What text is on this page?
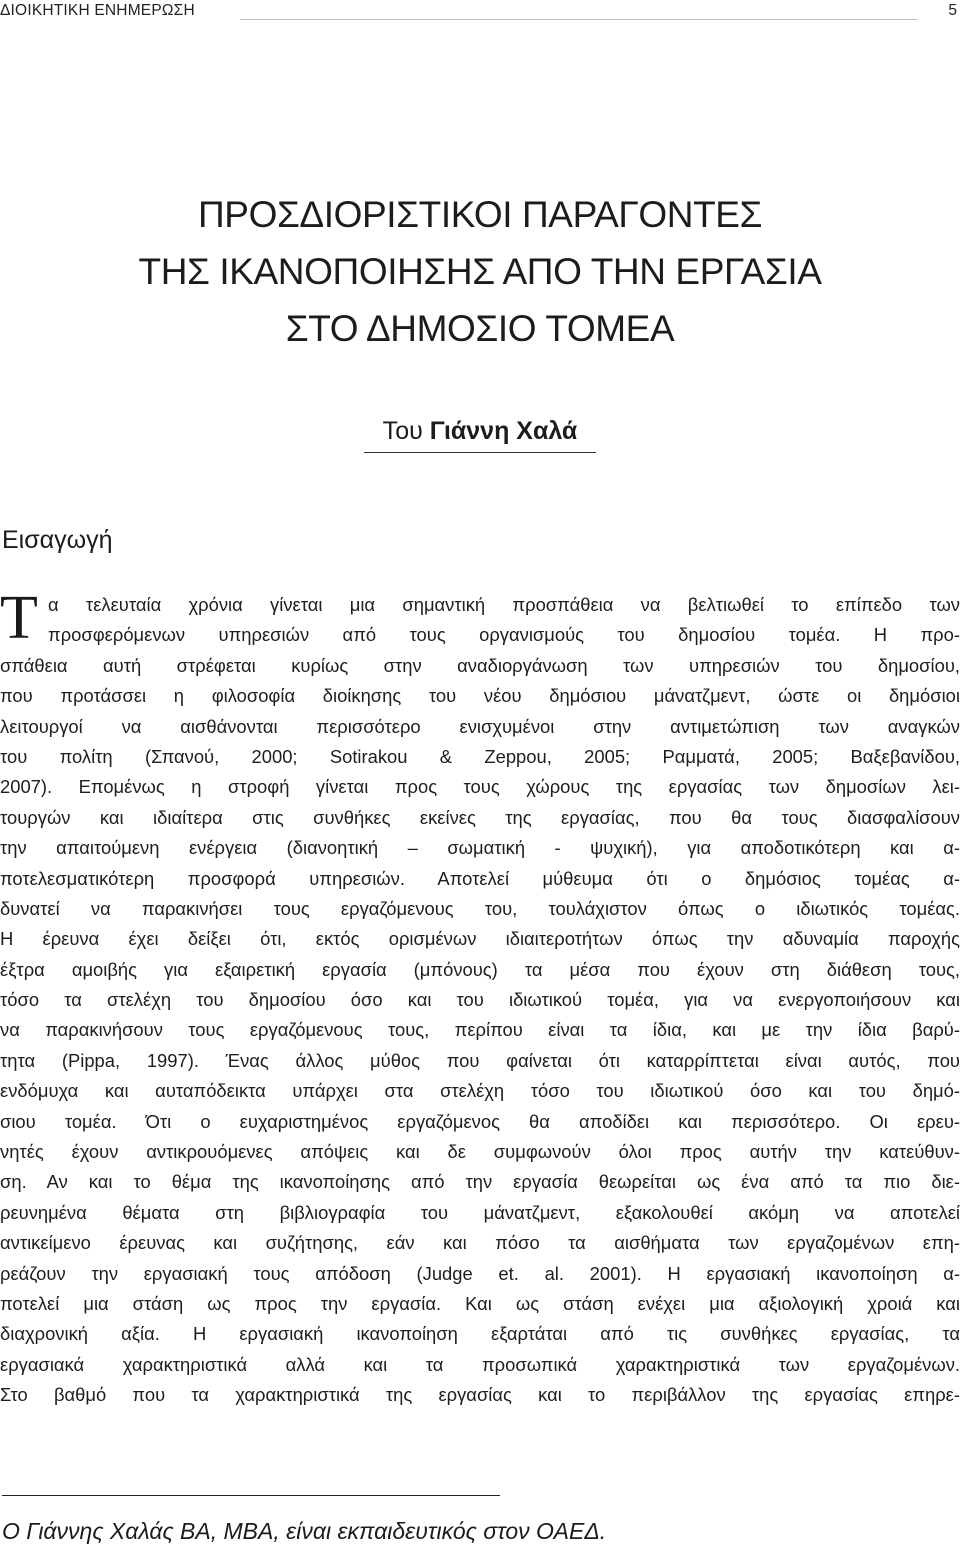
ΔΙΟΙΚΗΤΙΚΗ ΕΝΗΜΕΡΩΣΗ	5
ΠΡΟΣΔΙΟΡΙΣΤΙΚΟΙ ΠΑΡΑΓΟΝΤΕΣ
ΤΗΣ ΙΚΑΝΟΠΟΙΗΣΗΣ ΑΠΟ ΤΗΝ ΕΡΓΑΣΙΑ
ΣΤΟ ΔΗΜΟΣΙΟ ΤΟΜΕΑ
Του Γιάννη Χαλά
Εισαγωγή
Τ α τελευταία χρόνια γίνεται μια σημαντική προσπάθεια να βελτιωθεί το επίπεδο των
προσφερόμενων υπηρεσιών από τους οργανισμούς του δημοσίου τομέα. Η προ-
σπάθεια αυτή στρέφεται κυρίως στην αναδιοργάνωση των υπηρεσιών του δημοσίου,
που προτάσσει η φιλοσοφία διοίκησης του νέου δημόσιου μάνατζμεντ, ώστε οι δημόσιοι
λειτουργοί να αισθάνονται περισσότερο ενισχυμένοι στην αντιμετώπιση των αναγκών
του πολίτη (Σπανού, 2000; Sotirakou & Zeppou, 2005; Ραμματά, 2005; Βαξεβανίδου,
2007). Επομένως η στροφή γίνεται προς τους χώρους της εργασίας των δημοσίων λει-
τουργών και ιδιαίτερα στις συνθήκες εκείνες της εργασίας, που θα τους διασφαλίσουν
την απαιτούμενη ενέργεια (διανοητική – σωματική - ψυχική), για αποδοτικότερη και α-
ποτελεσματικότερη προσφορά υπηρεσιών. Αποτελεί μύθευμα ότι ο δημόσιος τομέας α-
δυνατεί να παρακινήσει τους εργαζόμενους του, τουλάχιστον όπως ο ιδιωτικός τομέας.
Η έρευνα έχει δείξει ότι, εκτός ορισμένων ιδιαιτεροτήτων όπως την αδυναμία παροχής
έξτρα αμοιβής για εξαιρετική εργασία (μπόνους) τα μέσα που έχουν στη διάθεση τους,
τόσο τα στελέχη του δημοσίου όσο και του ιδιωτικού τομέα, για να ενεργοποιήσουν και
να παρακινήσουν τους εργαζόμενους τους, περίπου είναι τα ίδια, και με την ίδια βαρύ-
τητα (Pippa, 1997). Ένας άλλος μύθος που φαίνεται ότι καταρρίπτεται είναι αυτός, που
ενδόμυχα και αυταπόδεικτα υπάρχει στα στελέχη τόσο του ιδιωτικού όσο και του δημό-
σιου τομέα. Ότι ο ευχαριστημένος εργαζόμενος θα αποδίδει και περισσότερο. Οι ερευ-
νητές έχουν αντικρουόμενες απόψεις και δε συμφωνούν όλοι προς αυτήν την κατεύθυν-
ση. Αν και το θέμα της ικανοποίησης από την εργασία θεωρείται ως ένα από τα πιο διε-
ρευνημένα θέματα στη βιβλιογραφία του μάνατζμεντ, εξακολουθεί ακόμη να αποτελεί
αντικείμενο έρευνας και συζήτησης, εάν και πόσο τα αισθήματα των εργαζομένων επη-
ρεάζουν την εργασιακή τους απόδοση (Judge et. al. 2001). Η εργασιακή ικανοποίηση α-
ποτελεί μια στάση ως προς την εργασία. Και ως στάση ενέχει μια αξιολογική χροιά και
διαχρονική αξία. Η εργασιακή ικανοποίηση εξαρτάται από τις συνθήκες εργασίας, τα
εργασιακά χαρακτηριστικά αλλά και τα προσωπικά χαρακτηριστικά των εργαζομένων.
Στο βαθμό που τα χαρακτηριστικά της εργασίας και το περιβάλλον της εργασίας επηρε-
Ο Γιάννης Χαλάς ΒΑ, ΜΒΑ, είναι εκπαιδευτικός στον ΟΑΕΔ.
